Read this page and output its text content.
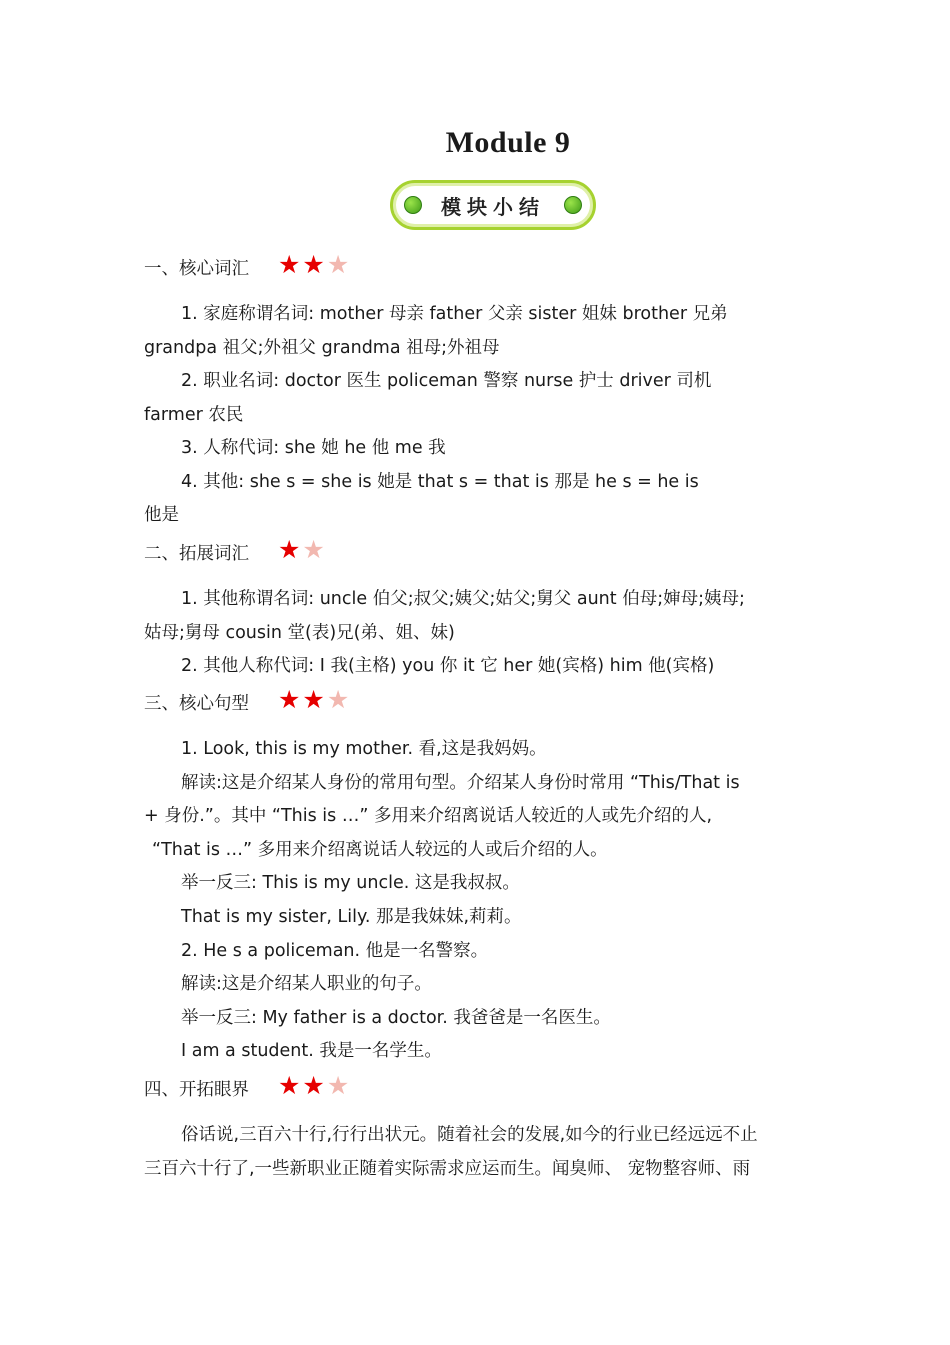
Module 9
模块小结
一、核心词汇 ★ ★ ★
1. 家庭称谓名词: mother 母亲 father 父亲 sister 姐妹 brother 兄弟
grandpa 祖父;外祖父 grandma 祖母;外祖母
2. 职业名词: doctor 医生 policeman 警察 nurse 护士 driver 司机
farmer 农民
3. 人称代词: she 她 he 他 me 我
4. 其他: she s = she is 她是 that s = that is 那是 he s = he is
他是
二、拓展词汇 ★ ★
1. 其他称谓名词: uncle 伯父;叔父;姨父;姑父;舅父 aunt 伯母;婶母;姨母;
姑母;舅母 cousin 堂(表)兄(弟、姐、妹)
2. 其他人称代词: I 我(主格) you 你 it 它 her 她(宾格) him 他(宾格)
三、核心句型 ★ ★ ★
1. Look, this is my mother. 看,这是我妈妈。
解读:这是介绍某人身份的常用句型。介绍某人身份时常用 “This/That is
+ 身份.”。其中 “This is …” 多用来介绍离说话人较近的人或先介绍的人,
“That is …” 多用来介绍离说话人较远的人或后介绍的人。
举一反三: This is my uncle. 这是我叔叔。
That is my sister, Lily. 那是我妹妹,莉莉。
2. He s a policeman. 他是一名警察。
解读:这是介绍某人职业的句子。
举一反三: My father is a doctor. 我爸爸是一名医生。
I am a student. 我是一名学生。
四、开拓眼界 ★ ★ ★
俗话说,三百六十行,行行出状元。随着社会的发展,如今的行业已经远远不止
三百六十行了,一些新职业正随着实际需求应运而生。闻臭师、 宠物整容师、雨
